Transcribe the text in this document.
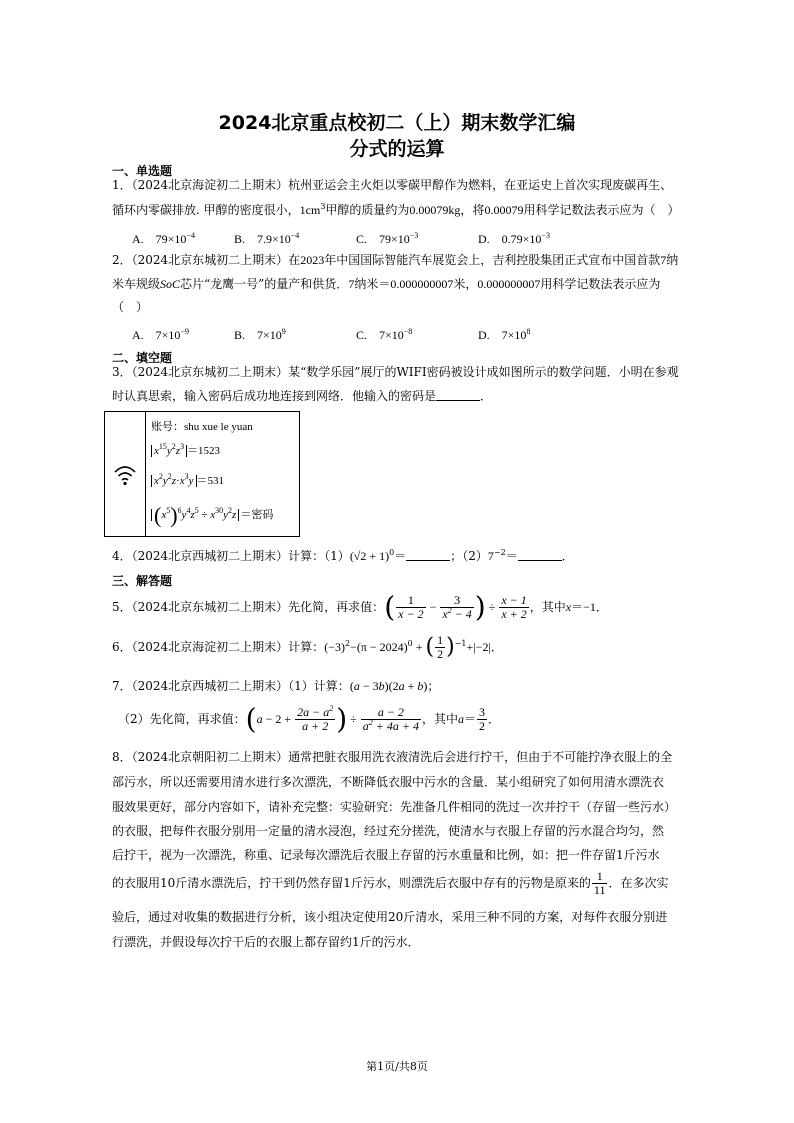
2024北京重点校初二（上）期末数学汇编
分式的运算
一、单选题
1．（2024北京海淀初二上期末）杭州亚运会主火炬以零碳甲醇作为燃料，在亚运史上首次实现废碳再生、
循环内零碳排放. 甲醇的密度很小，$1cm^3$甲醇的质量约为0.00079kg，将0.00079用科学记数法表示应为（　）
A.　$79\times 10^{-4}$	B.　$7.9\times 10^{-4}$	C.　$79\times 10^{-3}$	D.　$0.79\times 10^{-3}$
2．（2024北京东城初二上期末）在2023年中国国际智能汽车展览会上，吉利控股集团正式宣布中国首款7纳
米车规级SoC芯片“龙鹰一号”的量产和供货．7纳米＝0.000000007米，0.000000007用科学记数法表示应为
（　）
A.　$7\times 10^{-9}$	B.　$7\times 10^9$	C.　$7\times 10^{-8}$	D.　$7\times 10^8$
二、填空题
3．（2024北京东城初二上期末）某“数学乐园”展厅的WIFI密码被设计成如图所示的数学问题．小明在参观
时认真思索，输入密码后成功地连接到网络．他输入的密码是	．
账号：shu xue le yuan
$x^{15}y^2z^3 =1523$
$x^2y^2z\cdot x^3y =531$
$(x^5)^6y^4z^5 \div x^{30}y^2z$ ＝密码
4．（2024北京西城初二上期末）计算：$(1)(√2 + 1)^0=$	；$(2)7^{-2}=$	．
三、解答题
5．（2024北京东城初二上期末）先化简，再求值：( $\frac{1}{x - 2} - \frac{3}{x^2 - 4}$ ) ÷ $\frac{x - 1}{x + 2}$ ，其中x＝−1．
6．（2024北京海淀初二上期末）计算：$(-3)^2-(\pi - 2024)^0$ + ( $\frac{1}{2} )^{-1}+|-2|$．
7．（2024北京西城初二上期末）（1）计算：(a − 3b)(2a + b)；
（2）先化简，再求值：($a - 2 + \frac{2a - a^2}{a + 2}$ ) ÷ $\frac{a - 2}{a^2 + 4a + 4}$ ，其中$a= \frac{3}{2}$ ．
8．（2024北京朝阳初二上期末）通常把脏衣服用洗衣液清洗后会进行拧干，但由于不可能拧净衣服上的全
部污水，所以还需要用清水进行多次漂洗，不断降低衣服中污水的含量．某小组研究了如何用清水漂洗衣
服效果更好，部分内容如下，请补充完整：实验研究：先准备几件相同的洗过一次并拧干（存留一些污水）
的衣服，把每件衣服分别用一定量的清水浸泡，经过充分搓洗，使清水与衣服上存留的污水混合均匀，然
后拧干，视为一次漂洗，称重、记录每次漂洗后衣服上存留的污水重量和比例，如：把一件存留1斤污水
的衣服用10斤清水漂洗后，拧干到仍然存留1斤污水，则漂洗后衣服中存有的污物是原来的 $\frac{1}{11}$ ．在多次实
验后，通过对收集的数据进行分析，该小组决定使用20斤清水，采用三种不同的方案，对每件衣服分别进
行漂洗，并假设每次拧干后的衣服上都存留约1斤的污水．
第1页/共8页
